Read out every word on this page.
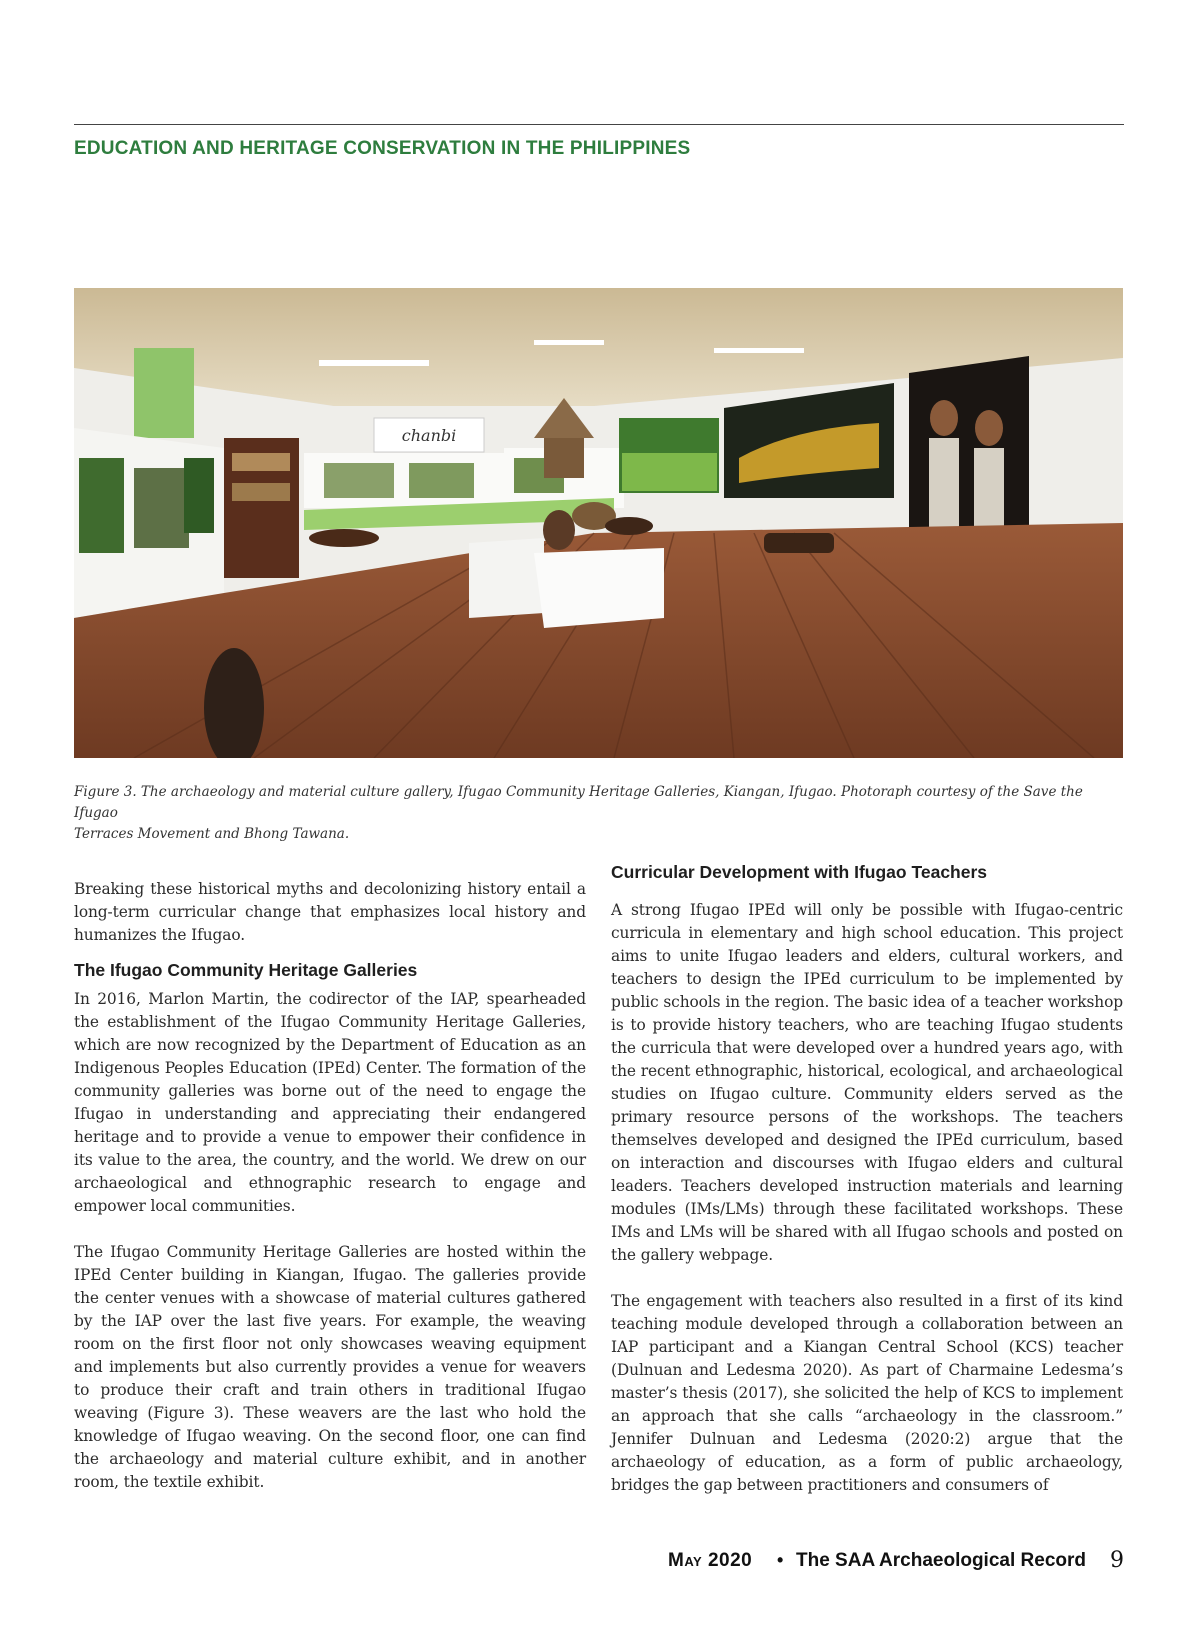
EDUCATION AND HERITAGE CONSERVATION IN THE PHILIPPINES
chanbi
Figure 3. The archaeology and material culture gallery, Ifugao Community Heritage Galleries, Kiangan, Ifugao. Photoraph courtesy of the Save the Ifugao
Terraces Movement and Bhong Tawana.

Breaking these historical myths and decolonizing history entail a long-term curricular change that emphasizes local history and humanizes the Ifugao.

The Ifugao Community Heritage Galleries

In 2016, Marlon Martin, the codirector of the IAP, spearheaded the establishment of the Ifugao Community Heritage Galleries, which are now recognized by the Department of Education as an Indigenous Peoples Education (IPEd) Center. The formation of the community galleries was borne out of the need to engage the Ifugao in understanding and appreciating their endangered heritage and to provide a venue to empower their confidence in its value to the area, the country, and the world. We drew on our archaeological and ethnographic research to engage and empower local communities.

The Ifugao Community Heritage Galleries are hosted within the IPEd Center building in Kiangan, Ifugao. The galleries provide the center venues with a showcase of material cultures gathered by the IAP over the last five years. For example, the weaving room on the first floor not only showcases weaving equipment and implements but also currently provides a venue for weavers to produce their craft and train others in traditional Ifugao weaving (Figure 3). These weavers are the last who hold the knowledge of Ifugao weaving. On the second floor, one can find the archaeology and material culture exhibit, and in another room, the textile exhibit.

Curricular Development with Ifugao Teachers

A strong Ifugao IPEd will only be possible with Ifugao-centric curricula in elementary and high school education. This project aims to unite Ifugao leaders and elders, cultural workers, and teachers to design the IPEd curriculum to be implemented by public schools in the region. The basic idea of a teacher workshop is to provide history teachers, who are teaching Ifugao students the curricula that were developed over a hundred years ago, with the recent ethnographic, historical, ecological, and archaeological studies on Ifugao culture. Community elders served as the primary resource persons of the workshops. The teachers themselves developed and designed the IPEd curriculum, based on interaction and discourses with Ifugao elders and cultural leaders. Teachers developed instruction materials and learning modules (IMs/LMs) through these facilitated workshops. These IMs and LMs will be shared with all Ifugao schools and posted on the gallery webpage.

The engagement with teachers also resulted in a first of its kind teaching module developed through a collaboration between an IAP participant and a Kiangan Central School (KCS) teacher (Dulnuan and Ledesma 2020). As part of Charmaine Ledesma’s master’s thesis (2017), she solicited the help of KCS to implement an approach that she calls “archaeology in the classroom.” Jennifer Dulnuan and Ledesma (2020:2) argue that the archaeology of education, as a form of public archaeology, bridges the gap between practitioners and consumers of

May 2020 • The SAA Archaeological Record 9
